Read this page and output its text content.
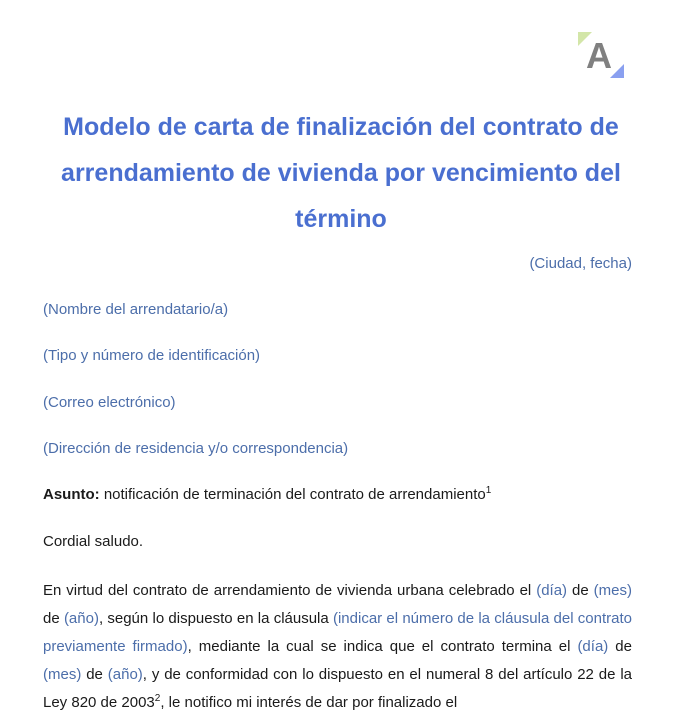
A
Modelo de carta de finalización del contrato de arrendamiento de vivienda por vencimiento del término
(Ciudad, fecha)
(Nombre del arrendatario/a)
(Tipo y número de identificación)
(Correo electrónico)
(Dirección de residencia y/o correspondencia)
Asunto: notificación de terminación del contrato de arrendamiento$^1$
Cordial saludo.

En virtud del contrato de arrendamiento de vivienda urbana celebrado el (día) de (mes) de (año), según lo dispuesto en la cláusula (indicar el número de la cláusula del contrato previamente firmado), mediante la cual se indica que el contrato termina el (día) de (mes) de (año), y de conformidad con lo dispuesto en el numeral 8 del artículo 22 de la Ley 820 de 2003$^2$, le notifico mi interés de dar por finalizado el
